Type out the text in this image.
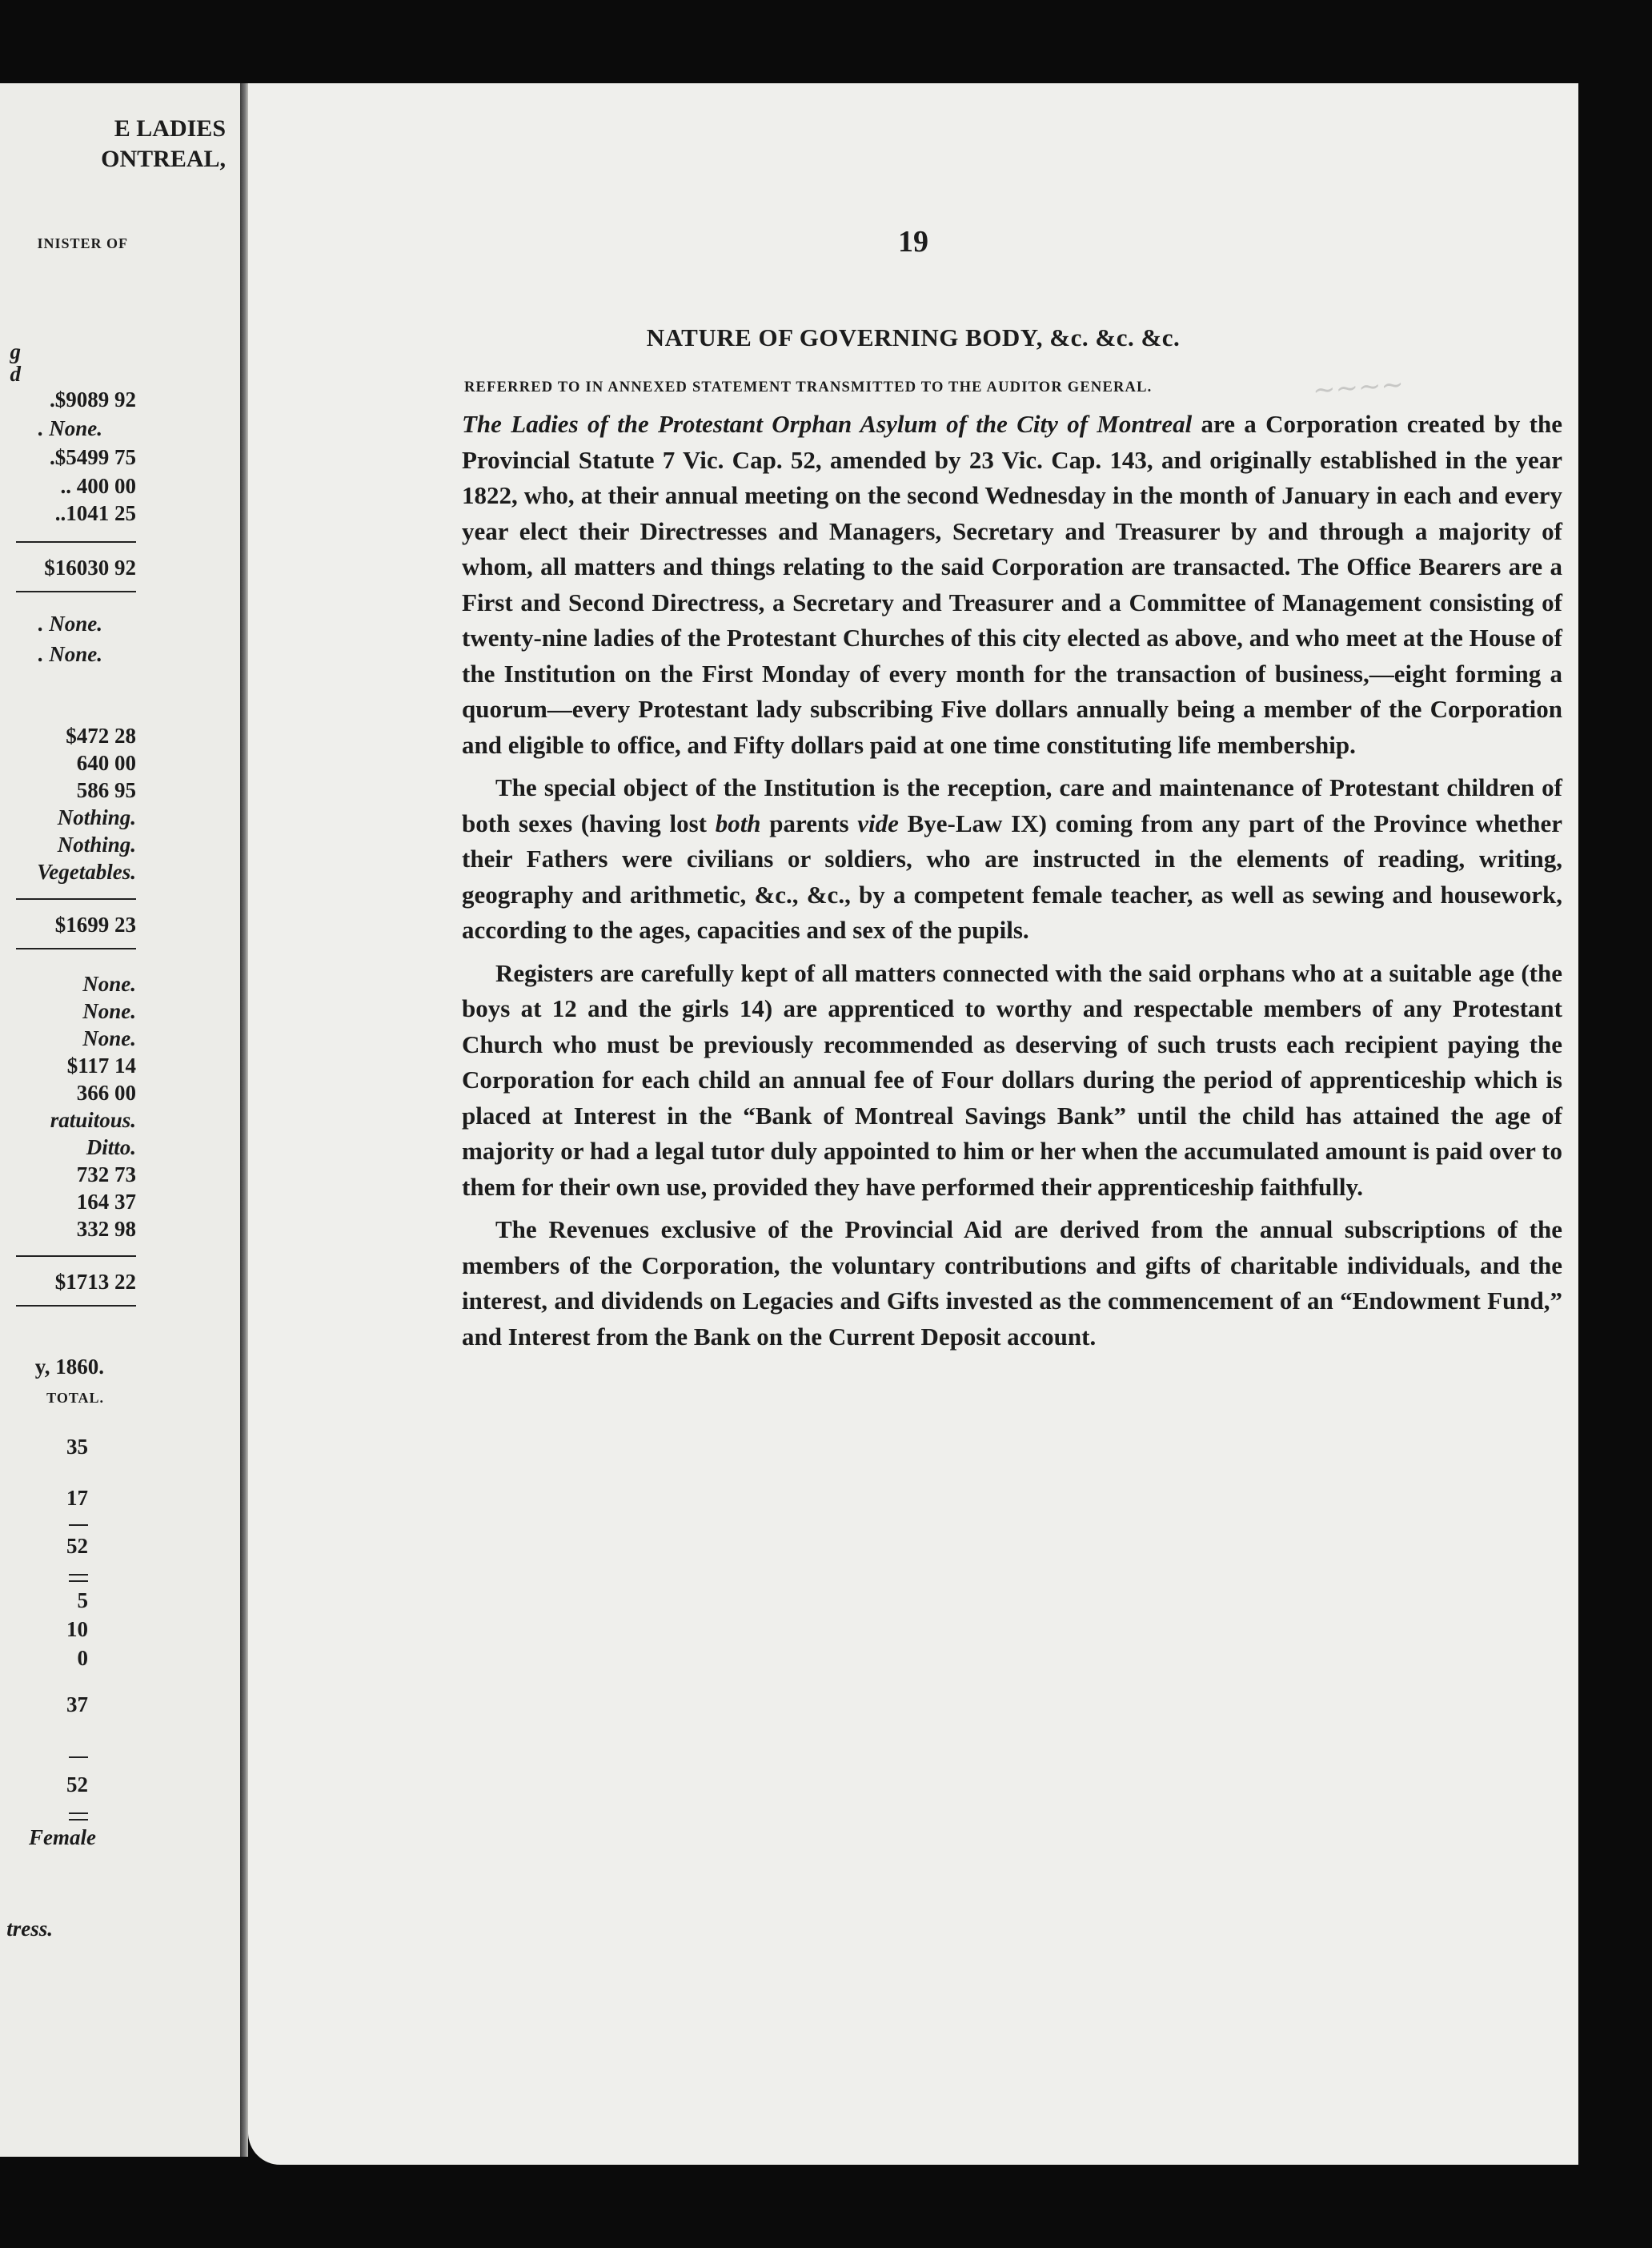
E LADIES
ONTREAL,
INISTER OF
g
d
.$9089 92
. None.
.$5499 75
.. 400 00
..1041 25
$16030 92
. None.
. None.
$472 28
640 00
586 95
Nothing.
Nothing.
Vegetables.
$1699 23
None.
None.
None.
$117 14
366 00
ratuitous.
Ditto.
732 73
164 37
332 98
$1713 22
y, 1860.
TOTAL.
35
17
52
5
10
0
37
52
Female
tress.
∼∼∼∼
19
NATURE OF GOVERNING BODY, &c. &c. &c.
REFERRED TO IN ANNEXED STATEMENT TRANSMITTED TO THE AUDITOR GENERAL.

The Ladies of the Protestant Orphan Asylum of the City of Montreal are a Corporation created by the Provincial Statute 7 Vic. Cap. 52, amended by 23 Vic. Cap. 143, and originally established in the year 1822, who, at their annual meeting on the second Wednesday in the month of January in each and every year elect their Directresses and Managers, Secretary and Treasurer by and through a majority of whom, all matters and things relating to the said Corporation are transacted. The Office Bearers are a First and Second Directress, a Secretary and Treasurer and a Committee of Management consisting of twenty-nine ladies of the Protestant Churches of this city elected as above, and who meet at the House of the Institution on the First Monday of every month for the transaction of business,—eight forming a quorum—every Protestant lady subscribing Five dollars annually being a member of the Corporation and eligible to office, and Fifty dollars paid at one time constituting life membership.

The special object of the Institution is the reception, care and maintenance of Protestant children of both sexes (having lost both parents vide Bye-Law IX) coming from any part of the Province whether their Fathers were civilians or soldiers, who are instructed in the elements of reading, writing, geography and arithmetic, &c., &c., by a competent female teacher, as well as sewing and housework, according to the ages, capacities and sex of the pupils.

Registers are carefully kept of all matters connected with the said orphans who at a suitable age (the boys at 12 and the girls 14) are apprenticed to worthy and respectable members of any Protestant Church who must be previously recommended as deserving of such trusts each recipient paying the Corporation for each child an annual fee of Four dollars during the period of apprenticeship which is placed at Interest in the “Bank of Montreal Savings Bank” until the child has attained the age of majority or had a legal tutor duly appointed to him or her when the accumulated amount is paid over to them for their own use, provided they have performed their apprenticeship faithfully.

The Revenues exclusive of the Provincial Aid are derived from the annual subscriptions of the members of the Corporation, the voluntary contributions and gifts of charitable individuals, and the interest, and dividends on Legacies and Gifts invested as the commencement of an “Endowment Fund,” and Interest from the Bank on the Current Deposit account.
